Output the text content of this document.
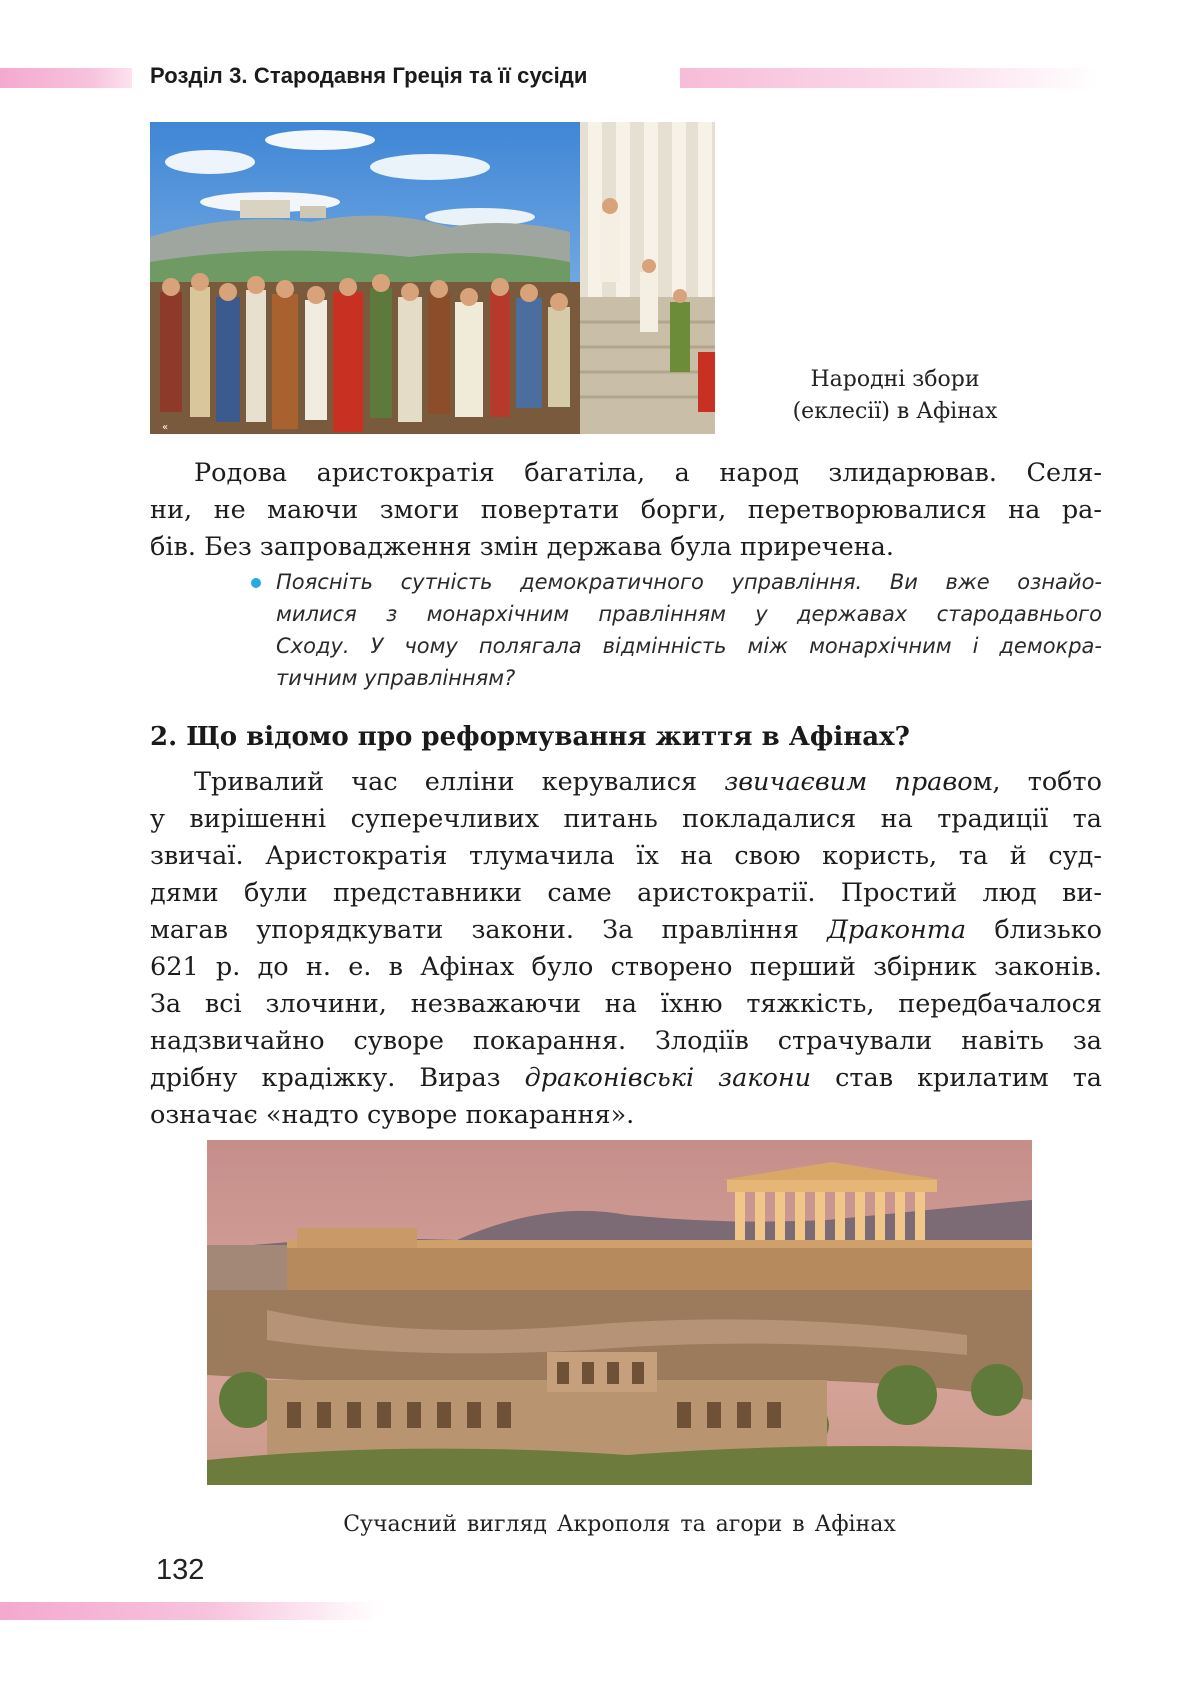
Розділ 3. Стародавня Греція та її сусіди
«
Народні збори
(еклесії) в Афінах
Родова аристократія багатіла, а народ злидарював. Селя-
ни, не маючи змоги повертати борги, перетворювалися на ра-
бів. Без запровадження змін держава була приречена.
Поясніть сутність демократичного управління. Ви вже ознайо-
милися з монархічним правлінням у державах стародавнього
Сходу. У чому полягала відмінність між монархічним і демокра-
тичним управлінням?
2. Що відомо про реформування життя в Афінах?
Тривалий час елліни керувалися звичаєвим правом, тобто
у вирішенні суперечливих питань покладалися на традиції та
звичаї. Аристократія тлумачила їх на свою користь, та й суд-
дями були представники саме аристократії. Простий люд ви-
магав упорядкувати закони. За правління Драконта близько
621 р. до н. е. в Афінах було створено перший збірник законів.
За всі злочини, незважаючи на їхню тяжкість, передбачалося
надзвичайно суворе покарання. Злодіїв страчували навіть за
дрібну крадіжку. Вираз драконівські закони став крилатим та
означає «надто суворе покарання».
Сучасний вигляд Акрополя та агори в Афінах
132
